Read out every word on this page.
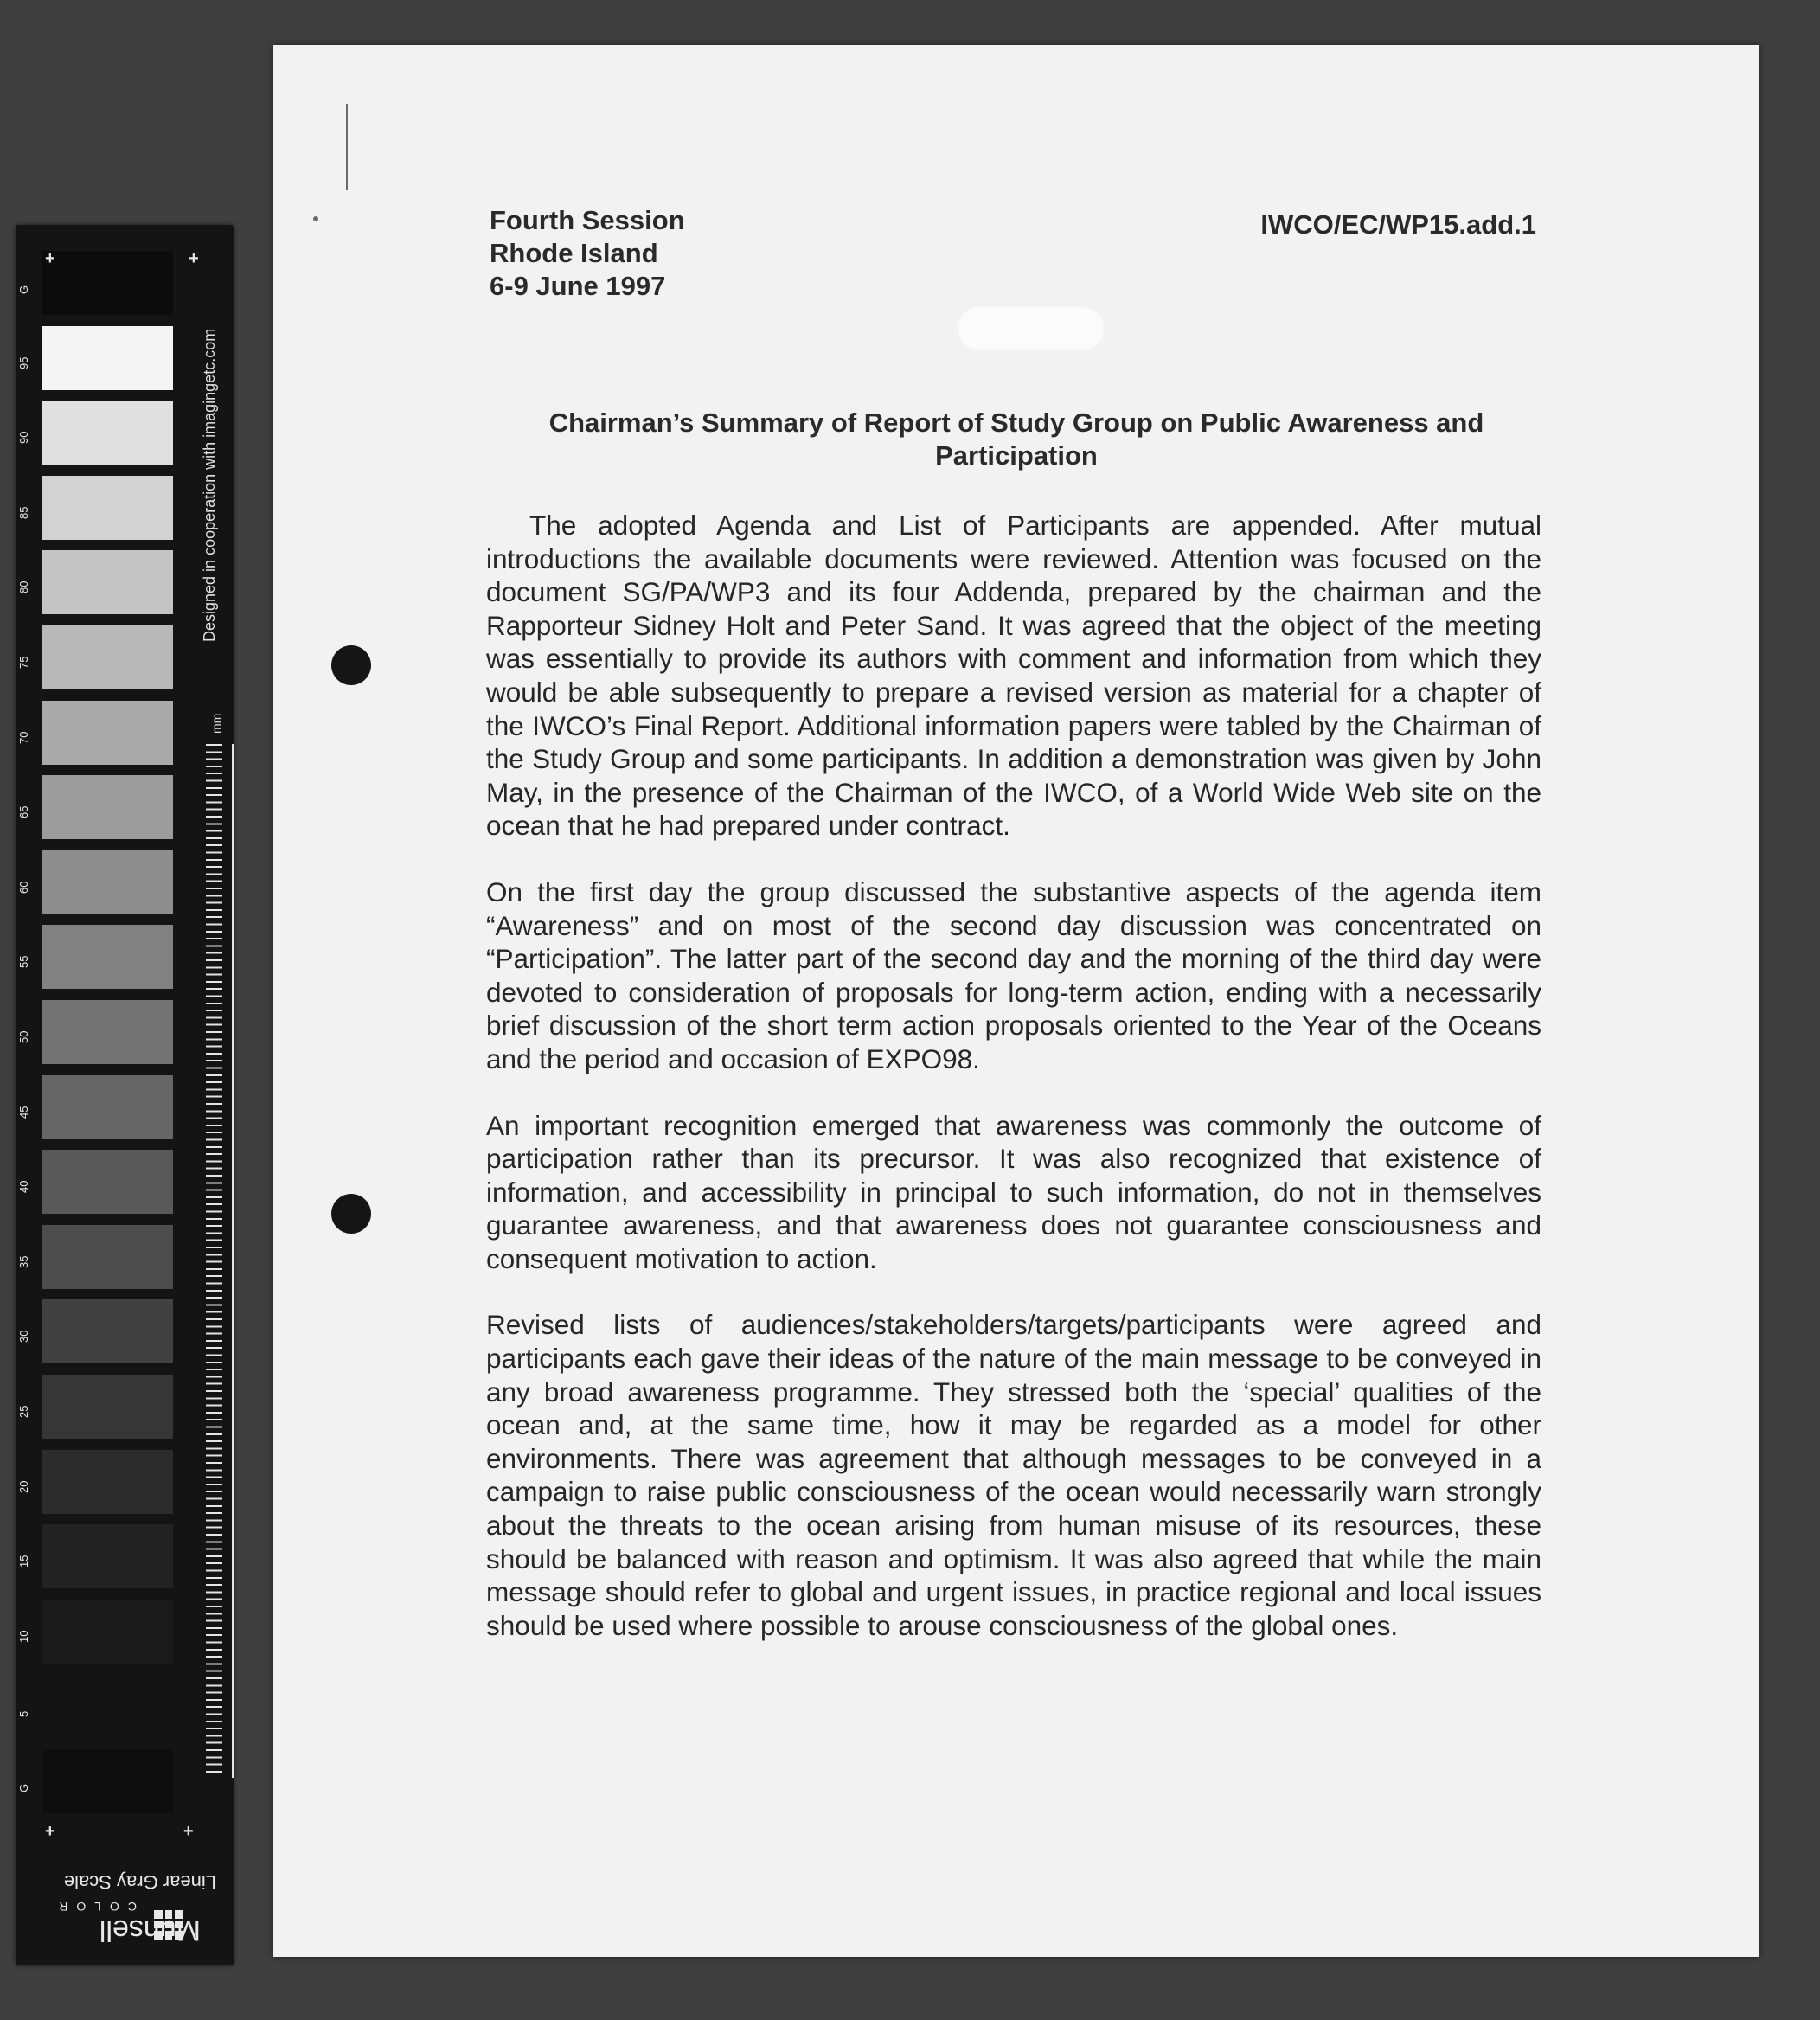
G
95
90
85
80
75
70
65
60
55
50
45
40
35
30
25
20
15
10
5
G
+	+
+	+
Designed in cooperation with imagingetc.com
mm
Linear Gray Scale
Munsell
COLOR
Fourth Session
Rhode Island
6-9 June 1997
IWCO/EC/WP15.add.1
Chairman’s Summary of Report of Study Group on Public Awareness and Participation

The adopted Agenda and List of Participants are appended. After mutual introductions the available documents were reviewed. Attention was focused on the document SG/PA/WP3 and its four Addenda, prepared by the chairman and the Rapporteur Sidney Holt and Peter Sand. It was agreed that the object of the meeting was essentially to provide its authors with comment and information from which they would be able subsequently to prepare a revised version as material for a chapter of the IWCO’s Final Report. Additional information papers were tabled by the Chairman of the Study Group and some participants. In addition a demonstration was given by John May, in the presence of the Chairman of the IWCO, of a World Wide Web site on the ocean that he had prepared under contract.

On the first day the group discussed the substantive aspects of the agenda item “Awareness” and on most of the second day discussion was concentrated on “Participation”. The latter part of the second day and the morning of the third day were devoted to consideration of proposals for long-term action, ending with a necessarily brief discussion of the short term action proposals oriented to the Year of the Oceans and the period and occasion of EXPO98.

An important recognition emerged that awareness was commonly the outcome of participation rather than its precursor. It was also recognized that existence of information, and accessibility in principal to such information, do not in themselves guarantee awareness, and that awareness does not guarantee consciousness and consequent motivation to action.

Revised lists of audiences/stakeholders/targets/participants were agreed and participants each gave their ideas of the nature of the main message to be conveyed in any broad awareness programme. They stressed both the ‘special’ qualities of the ocean and, at the same time, how it may be regarded as a model for other environments. There was agreement that although messages to be conveyed in a campaign to raise public consciousness of the ocean would necessarily warn strongly about the threats to the ocean arising from human misuse of its resources, these should be balanced with reason and optimism. It was also agreed that while the main message should refer to global and urgent issues, in practice regional and local issues should be used where possible to arouse consciousness of the global ones.
